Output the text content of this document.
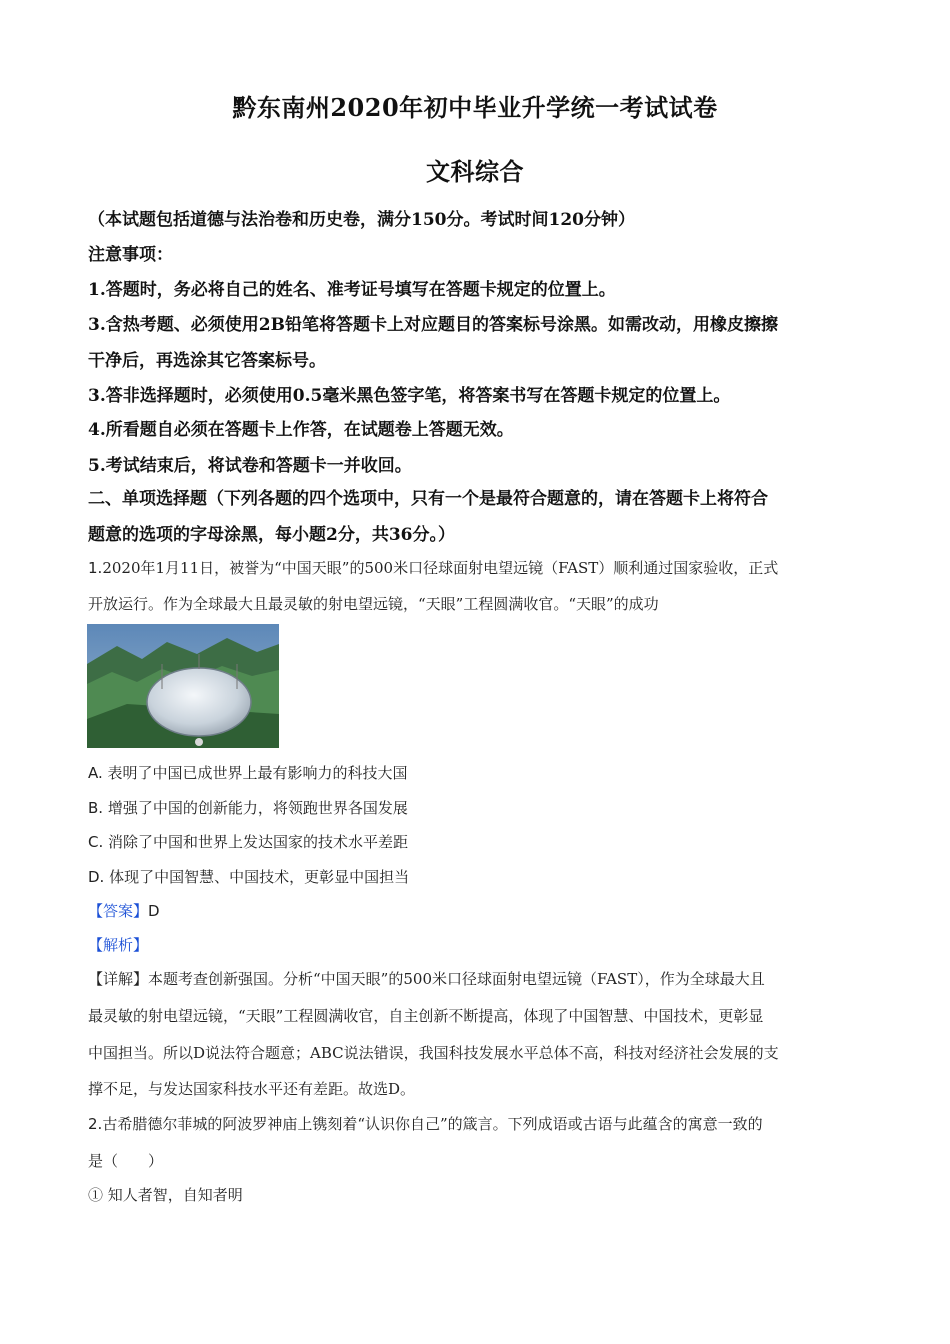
黔东南州2020年初中毕业升学统一考试试卷
文科综合
（本试题包括道德与法治卷和历史卷，满分150分。考试时间120分钟）
注意事项：
1.答题时，务必将自己的姓名、准考证号填写在答题卡规定的位置上。
3.含热考题、必须使用2B铅笔将答题卡上对应题目的答案标号涂黑。如需改动，用橡皮擦擦
干净后，再选涂其它答案标号。
3.答非选择题时，必须使用0.5毫米黑色签字笔，将答案书写在答题卡规定的位置上。
4.所看题自必须在答题卡上作答，在试题卷上答题无效。
5.考试结束后，将试卷和答题卡一并收回。
二、单项选择题（下列各题的四个选项中，只有一个是最符合题意的，请在答题卡上将符合
题意的选项的字母涂黑，每小题2分，共36分。）
1.2020年1月11日，被誉为“中国天眼”的500米口径球面射电望远镜（FAST）顺利通过国家验收，正式
开放运行。作为全球最大且最灵敏的射电望远镜，“天眼”工程圆满收官。“天眼”的成功
A. 表明了中国已成世界上最有影响力的科技大国
B. 增强了中国的创新能力，将领跑世界各国发展
C. 消除了中国和世界上发达国家的技术水平差距
D. 体现了中国智慧、中国技术，更彰显中国担当
【答案】D
【解析】
【详解】本题考查创新强国。分析“中国天眼”的500米口径球面射电望远镜（FAST），作为全球最大且
最灵敏的射电望远镜，“天眼”工程圆满收官，自主创新不断提高，体现了中国智慧、中国技术，更彰显
中国担当。所以D说法符合题意；ABC说法错误，我国科技发展水平总体不高，科技对经济社会发展的支
撑不足，与发达国家科技水平还有差距。故选D。
2.古希腊德尔菲城的阿波罗神庙上镌刻着“认识你自己”的箴言。下列成语或古语与此蕴含的寓意一致的
是（　　）
① 知人者智，自知者明
